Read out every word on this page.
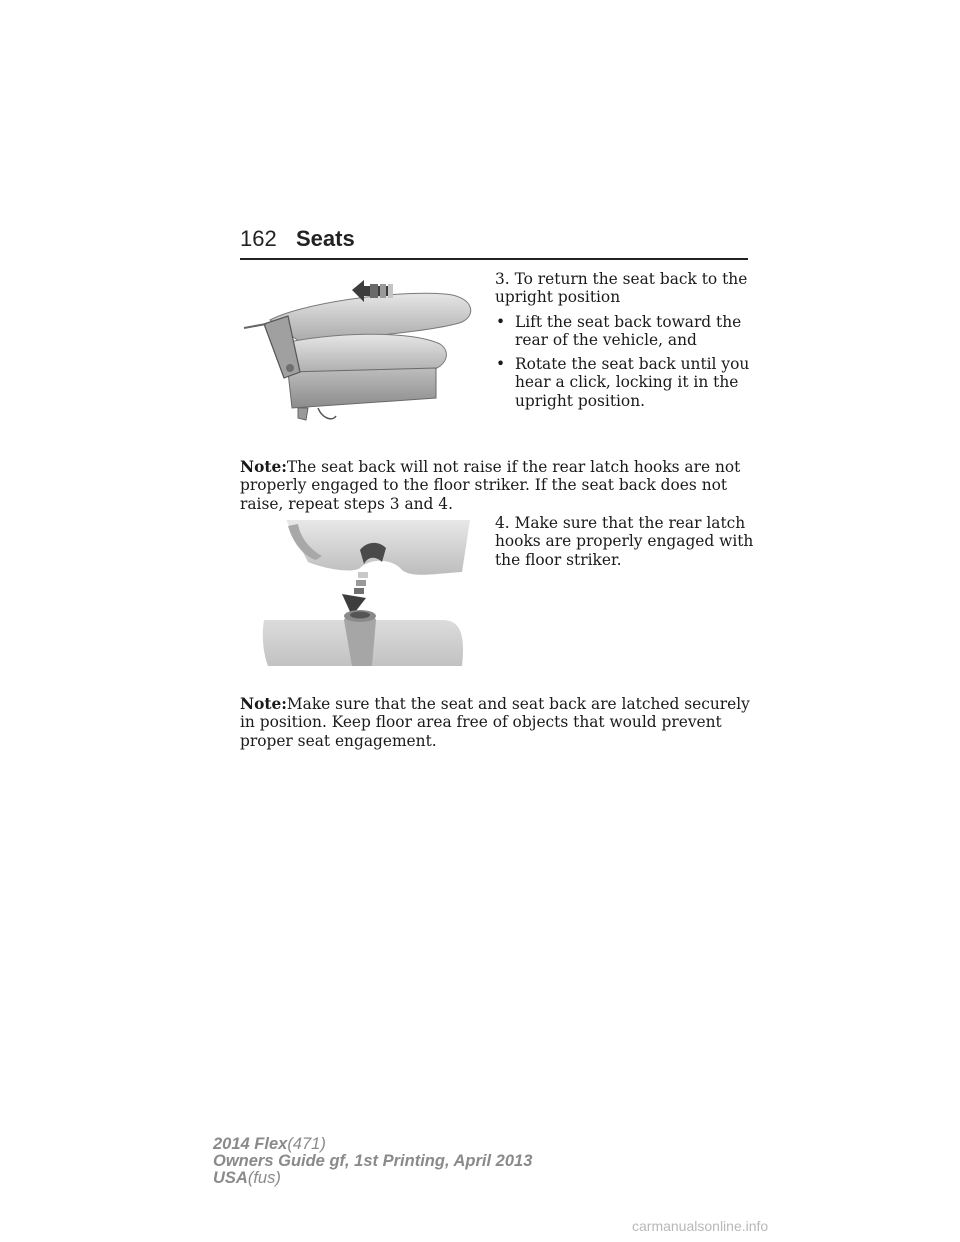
162 Seats

3. To return the seat back to the upright position

• Lift the seat back toward the rear of the vehicle, and
• Rotate the seat back until you hear a click, locking it in the upright position.
Note:The seat back will not raise if the rear latch hooks are not properly engaged to the floor striker. If the seat back does not raise, repeat steps 3 and 4.

4. Make sure that the rear latch hooks are properly engaged with the floor striker.

Note:Make sure that the seat and seat back are latched securely in position. Keep floor area free of objects that would prevent proper seat engagement.
2014 Flex(471)
Owners Guide gf, 1st Printing, April 2013
USA(fus)
carmanualsonline.info
